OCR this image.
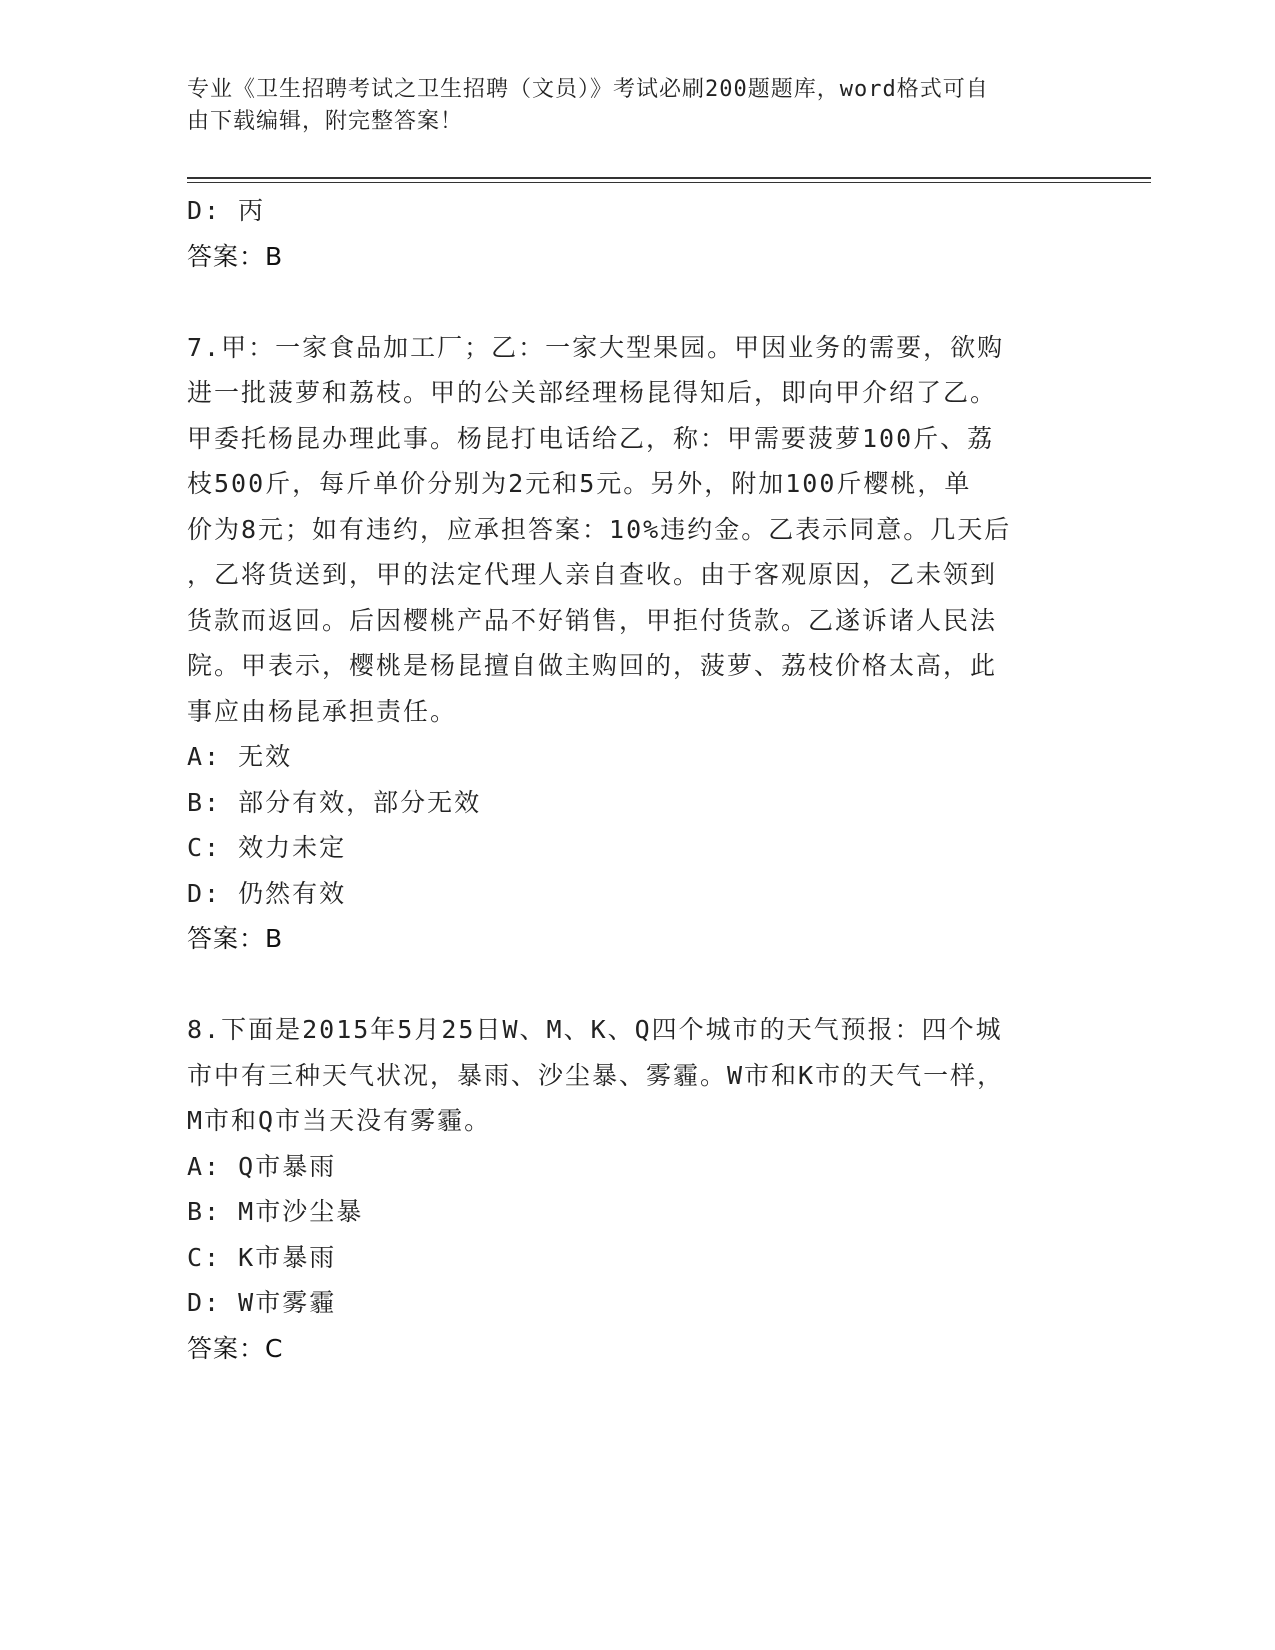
专业《卫生招聘考试之卫生招聘（文员）》考试必刷200题题库，word格式可自
由下载编辑，附完整答案！
D: 丙
答案：B
7.甲：一家食品加工厂；乙：一家大型果园。甲因业务的需要，欲购
进一批菠萝和荔枝。甲的公关部经理杨昆得知后，即向甲介绍了乙。
甲委托杨昆办理此事。杨昆打电话给乙，称：甲需要菠萝100斤、荔
枝500斤，每斤单价分别为2元和5元。另外，附加100斤樱桃，单
价为8元；如有违约，应承担答案：10%违约金。乙表示同意。几天后
，乙将货送到，甲的法定代理人亲自查收。由于客观原因，乙未领到
货款而返回。后因樱桃产品不好销售，甲拒付货款。乙遂诉诸人民法
院。甲表示，樱桃是杨昆擅自做主购回的，菠萝、荔枝价格太高，此
事应由杨昆承担责任。
A: 无效
B: 部分有效，部分无效
C: 效力未定
D: 仍然有效
答案：B
8.下面是2015年5月25日W、M、K、Q四个城市的天气预报：四个城
市中有三种天气状况，暴雨、沙尘暴、雾霾。W市和K市的天气一样，
M市和Q市当天没有雾霾。
A: Q市暴雨
B: M市沙尘暴
C: K市暴雨
D: W市雾霾
答案：C
